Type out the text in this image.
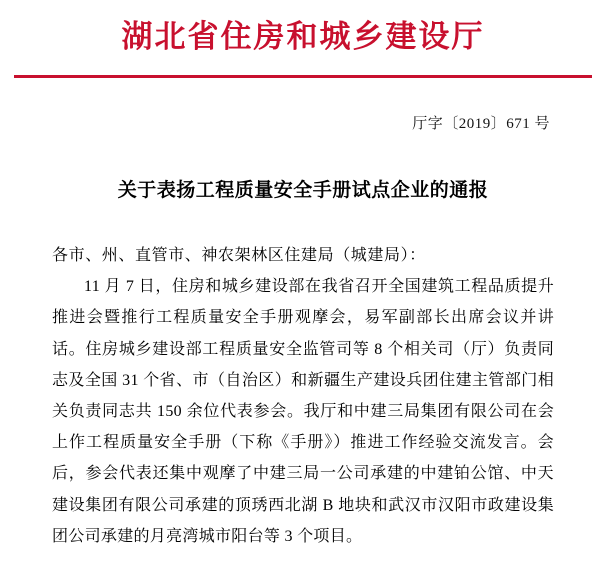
湖北省住房和城乡建设厅
厅字〔2019〕671 号
关于表扬工程质量安全手册试点企业的通报
各市、州、直管市、神农架林区住建局（城建局）：
11 月 7 日，住房和城乡建设部在我省召开全国建筑工程品质提升推进会暨推行工程质量安全手册观摩会，易军副部长出席会议并讲话。住房城乡建设部工程质量安全监管司等 8 个相关司（厅）负责同志及全国 31 个省、市（自治区）和新疆生产建设兵团住建主管部门相关负责同志共 150 余位代表参会。我厅和中建三局集团有限公司在会上作工程质量安全手册（下称《手册》）推进工作经验交流发言。会后，参会代表还集中观摩了中建三局一公司承建的中建铂公馆、中天建设集团有限公司承建的顶琇西北湖 B 地块和武汉市汉阳市政建设集团公司承建的月亮湾城市阳台等 3 个项目。
